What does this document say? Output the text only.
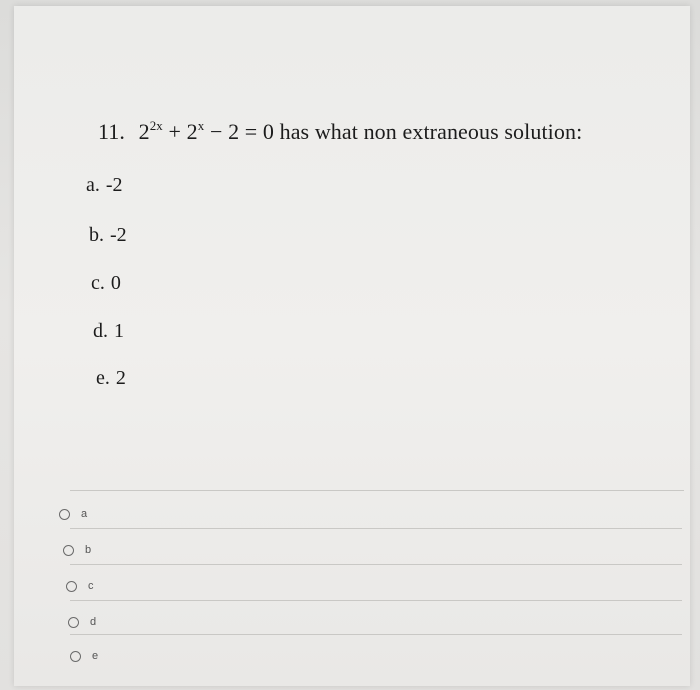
11. $2^{2x} + 2^x - 2 = 0$ has what non extraneous solution:
a. -2
b. -2
c. 0
d. 1
e. 2
a
b
c
d
e
